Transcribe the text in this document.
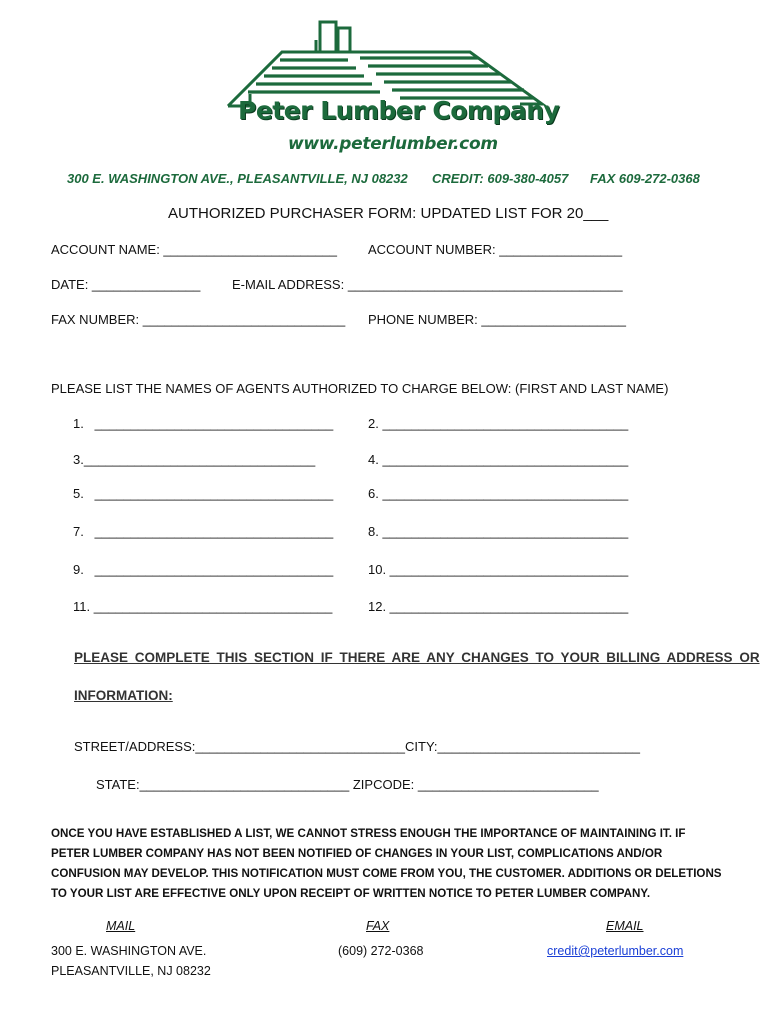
Peter Lumber Company
www.peterlumber.com
300 E. WASHINGTON AVE., PLEASANTVILLE, NJ 08232 CREDIT: 609-380-4057 FAX 609-272-0368
AUTHORIZED PURCHASER FORM: UPDATED LIST FOR 20___
ACCOUNT NAME: ________________________ ACCOUNT NUMBER: _________________
DATE: _______________ E-MAIL ADDRESS: ______________________________________
FAX NUMBER: ____________________________ PHONE NUMBER: ____________________
PLEASE LIST THE NAMES OF AGENTS AUTHORIZED TO CHARGE BELOW: (FIRST AND LAST NAME)
1.   _________________________________	2. __________________________________
3.________________________________	4. __________________________________
5.   _________________________________	6. __________________________________
7.   _________________________________	8. __________________________________
9.   _________________________________	10. _________________________________
11. _________________________________	12. _________________________________
PLEASE COMPLETE THIS SECTION IF THERE ARE ANY CHANGES TO YOUR BILLING ADDRESS OR
INFORMATION:
STREET/ADDRESS:_____________________________CITY:____________________________
STATE:_____________________________ ZIPCODE: _________________________
ONCE YOU HAVE ESTABLISHED A LIST, WE CANNOT STRESS ENOUGH THE IMPORTANCE OF MAINTAINING IT. IF PETER LUMBER COMPANY HAS NOT BEEN NOTIFIED OF CHANGES IN YOUR LIST, COMPLICATIONS AND/OR CONFUSION MAY DEVELOP. THIS NOTIFICATION MUST COME FROM YOU, THE CUSTOMER. ADDITIONS OR DELETIONS TO YOUR LIST ARE EFFECTIVE ONLY UPON RECEIPT OF WRITTEN NOTICE TO PETER LUMBER COMPANY.
MAIL	FAX	EMAIL
300 E. WASHINGTON AVE.
PLEASANTVILLE, NJ 08232
(609) 272-0368	credit@peterlumber.com
